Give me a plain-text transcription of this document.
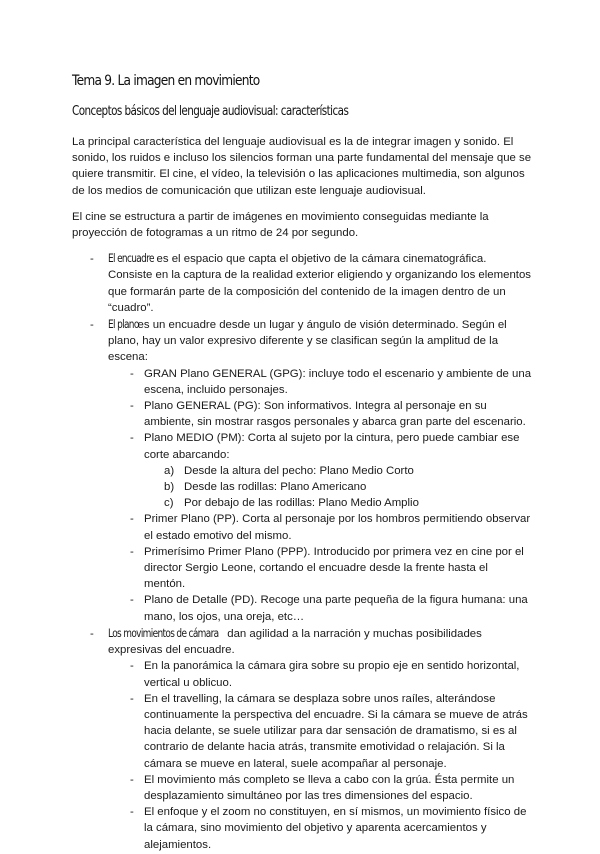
Tema 9. La imagen en movimiento
Conceptos básicos del lenguaje audiovisual: características

La principal característica del lenguaje audiovisual es la de integrar imagen y sonido. El sonido, los ruidos e incluso los silencios forman una parte fundamental del mensaje que se quiere transmitir. El cine, el vídeo, la televisión o las aplicaciones multimedia, son algunos de los medios de comunicación que utilizan este lenguaje audiovisual.

El cine se estructura a partir de imágenes en movimiento conseguidas mediante la proyección de fotogramas a un ritmo de 24 por segundo.

- El encuadre es el espacio que capta el objetivo de la cámara cinematográfica. Consiste en la captura de la realidad exterior eligiendo y organizando los elementos que formarán parte de la composición del contenido de la imagen dentro de un “cuadro”.
- El plano es un encuadre desde un lugar y ángulo de visión determinado. Según el plano, hay un valor expresivo diferente y se clasifican según la amplitud de la escena:
- GRAN Plano GENERAL (GPG): incluye todo el escenario y ambiente de una escena, incluido personajes.
- Plano GENERAL (PG): Son informativos. Integra al personaje en su ambiente, sin mostrar rasgos personales y abarca gran parte del escenario.
- Plano MEDIO (PM): Corta al sujeto por la cintura, pero puede cambiar ese corte abarcando:
a) Desde la altura del pecho: Plano Medio Corto
b) Desde las rodillas: Plano Americano
c) Por debajo de las rodillas: Plano Medio Amplio
- Primer Plano (PP). Corta al personaje por los hombros permitiendo observar el estado emotivo del mismo.
- Primerísimo Primer Plano (PPP). Introducido por primera vez en cine por el director Sergio Leone, cortando el encuadre desde la frente hasta el mentón.
- Plano de Detalle (PD). Recoge una parte pequeña de la figura humana: una mano, los ojos, una oreja, etc…
- Los movimientos de cámara dan agilidad a la narración y muchas posibilidades expresivas del encuadre.
- En la panorámica la cámara gira sobre su propio eje en sentido horizontal, vertical u oblicuo.
- En el travelling, la cámara se desplaza sobre unos raíles, alterándose continuamente la perspectiva del encuadre. Si la cámara se mueve de atrás hacia delante, se suele utilizar para dar sensación de dramatismo, si es al contrario de delante hacia atrás, transmite emotividad o relajación. Si la cámara se mueve en lateral, suele acompañar al personaje.
- El movimiento más completo se lleva a cabo con la grúa. Ésta permite un desplazamiento simultáneo por las tres dimensiones del espacio.
- El enfoque y el zoom no constituyen, en sí mismos, un movimiento físico de la cámara, sino movimiento del objetivo y aparenta acercamientos y alejamientos.
